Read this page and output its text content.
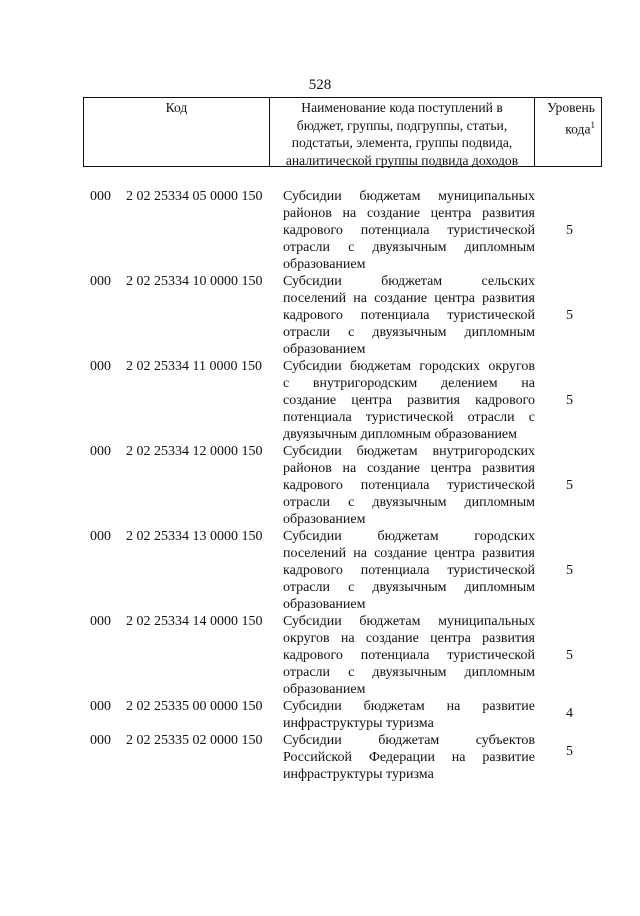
528
Код	Наименование кода поступлений в
бюджет, группы, подгруппы, статьи,
подстатьи, элемента, группы подвида,
аналитической группы подвида доходов
Уровень
кода$^1$
000 2 02 25334 05 0000 150 Субсидии бюджетам муниципальных
районов на создание центра развития
кадрового потенциала туристической
отрасли с двуязычным дипломным
образованием
5
000 2 02 25334 10 0000 150 Субсидии бюджетам сельских
поселений на создание центра развития
кадрового потенциала туристической
отрасли с двуязычным дипломным
образованием
5
000 2 02 25334 11 0000 150 Субсидии бюджетам городских округов
с внутригородским делением на
создание центра развития кадрового
потенциала туристической отрасли с
двуязычным дипломным образованием
5
000 2 02 25334 12 0000 150 Субсидии бюджетам внутригородских
районов на создание центра развития
кадрового потенциала туристической
отрасли с двуязычным дипломным
образованием
5
000 2 02 25334 13 0000 150 Субсидии бюджетам городских
поселений на создание центра развития
кадрового потенциала туристической
отрасли с двуязычным дипломным
образованием
5
000 2 02 25334 14 0000 150 Субсидии бюджетам муниципальных
округов на создание центра развития
кадрового потенциала туристической
отрасли с двуязычным дипломным
образованием
5
000 2 02 25335 00 0000 150 Субсидии бюджетам на развитие
инфраструктуры туризма
4
000 2 02 25335 02 0000 150 Субсидии бюджетам субъектов
Российской Федерации на развитие
инфраструктуры туризма
5
